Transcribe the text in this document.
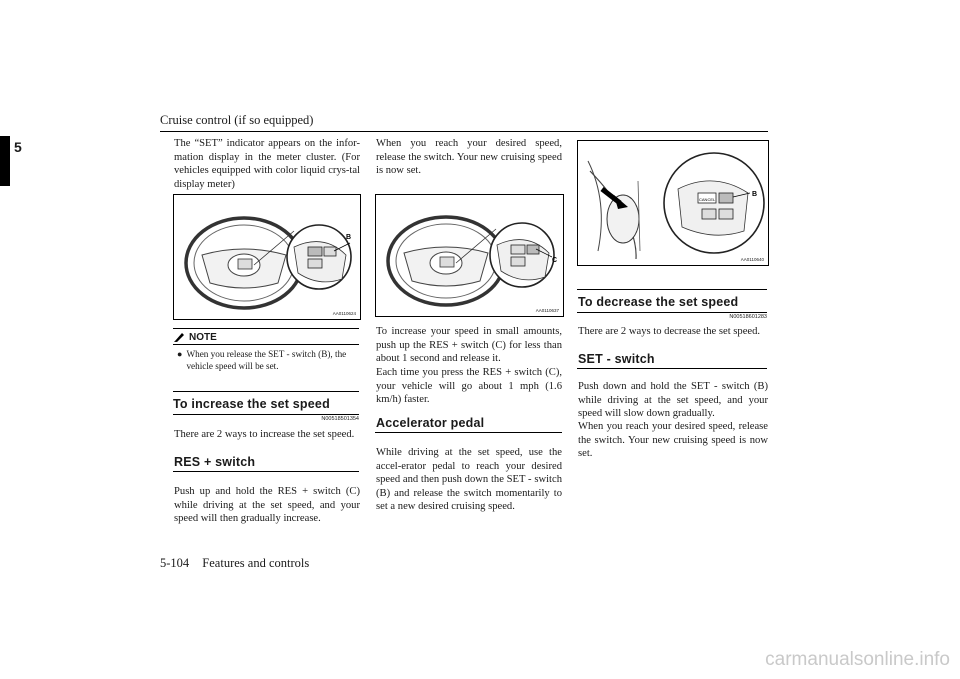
Cruise control (if so equipped)
5	The “SET” indicator appears on the infor-mation display in the meter cluster. (For vehicles equipped with color liquid crys-tal display meter)
B
AA0110624
NOTE
● When you release the SET - switch (B), the vehicle speed will be set.
To increase the set speed
N00518501354
There are 2 ways to increase the set speed.
RES + switch
Push up and hold the RES + switch (C) while driving at the set speed, and your speed will then gradually increase.
When you reach your desired speed, release the switch. Your new cruising speed is now set.
C
AA0110637
To increase your speed in small amounts, push up the RES + switch (C) for less than about 1 second and release it.
Each time you press the RES + switch (C), your vehicle will go about 1 mph (1.6 km/h) faster.
Accelerator pedal
While driving at the set speed, use the accel-erator pedal to reach your desired speed and then push down the SET - switch (B) and release the switch momentarily to set a new desired cruising speed.
CANCEL
B
AA0110640
To decrease the set speed
N00518601283
There are 2 ways to decrease the set speed.
SET - switch
Push down and hold the SET - switch (B) while driving at the set speed, and your speed will slow down gradually.
When you reach your desired speed, release the switch. Your new cruising speed is now set.
5-104 Features and controls
carmanualsonline.info
